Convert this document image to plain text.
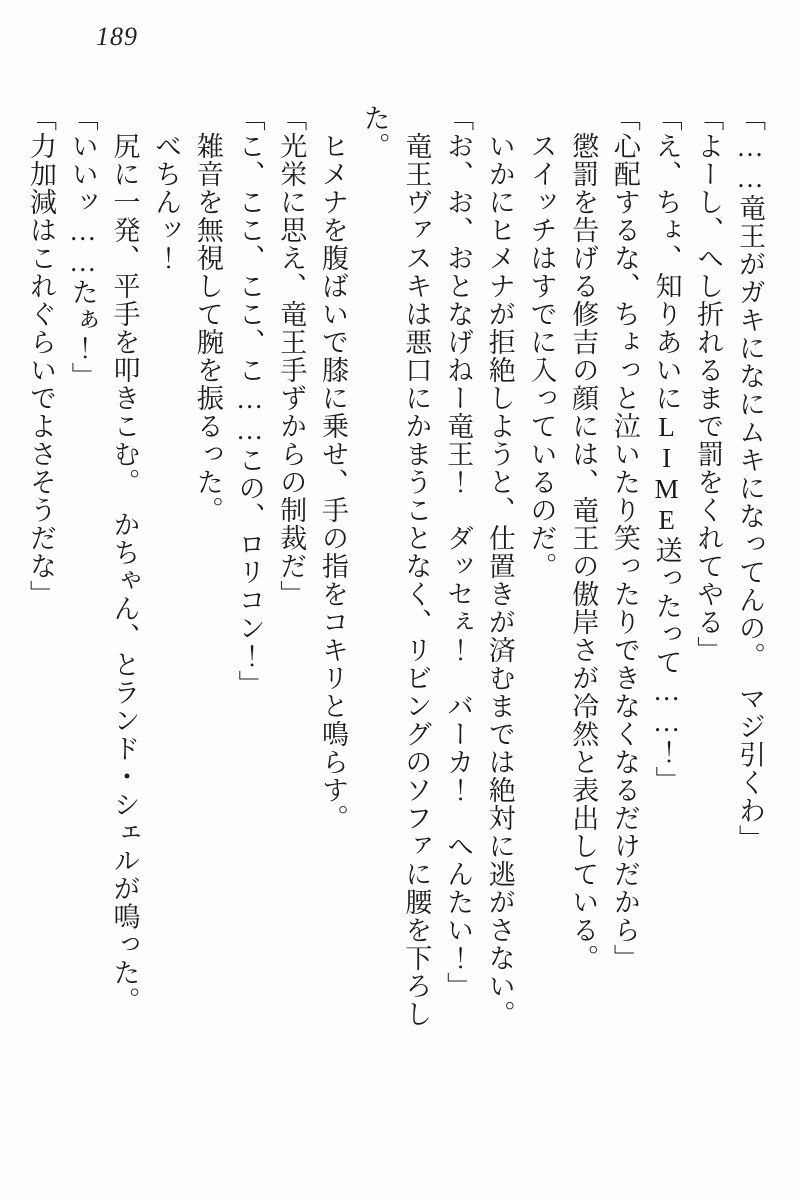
189

「……竜王がガキになにムキになってんの。　マジ引くわ」

「よーし、へし折れるまで罰をくれてやる」

「え、ちょ、知りあいにLIME送ったって……！」

「心配するな、ちょっと泣いたり笑ったりできなくなるだけだから」

　懲罰を告げる修吉の顔には、竜王の傲岸さが冷然と表出している。

　スイッチはすでに入っているのだ。

　いかにヒメナが拒絶しようと、仕置きが済むまでは絶対に逃がさない。

「お、お、おとなげねー竜王！　ダッセぇ！　バーカ！　へんたい！」

　竜王ヴァスキは悪口にかまうことなく、リビングのソファに腰を下ろした。

　ヒメナを腹ばいで膝に乗せ、手の指をコキリと鳴らす。

「光栄に思え、竜王手ずからの制裁だ」

「こ、ここ、ここ、こ……この、ロリコン！」

　雑音を無視して腕を振るった。

　べちんッ！

　尻に一発、平手を叩きこむ。　かちゃん、とランド・シェルが鳴った。

「いいッ……たぁ！」

「力加減はこれぐらいでよさそうだな」
